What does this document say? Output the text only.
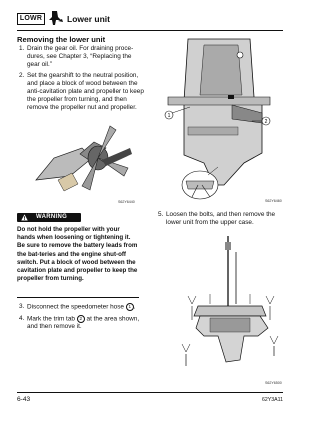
LOWR	Lower unit
Removing the lower unit
1. Drain the gear oil. For draining proce-
dures, see Chapter 3, “Replacing the
gear oil.”
2. Set the gearshift to the neutral position,
and place a block of wood between the
anti-cavitation plate and propeller to keep
the propeller from turning, and then
remove the propeller nut and propeller.
S62Y6440
WARNING
Do not hold the propeller with your hands when loosening or tightening it. Be sure to remove the battery leads from the bat-teries and the engine shut-off switch. Put a block of wood between the cavitation plate and propeller to keep the propeller from turning.
3. Disconnect the speedometer hose 1 .
4. Mark the trim tab 2 at the area shown,
and then remove it.
1
2
S62Y6460
5. Loosen the bolts, and then remove the
lower unit from the upper case.
S62Y6500
6-43	62Y3A11
